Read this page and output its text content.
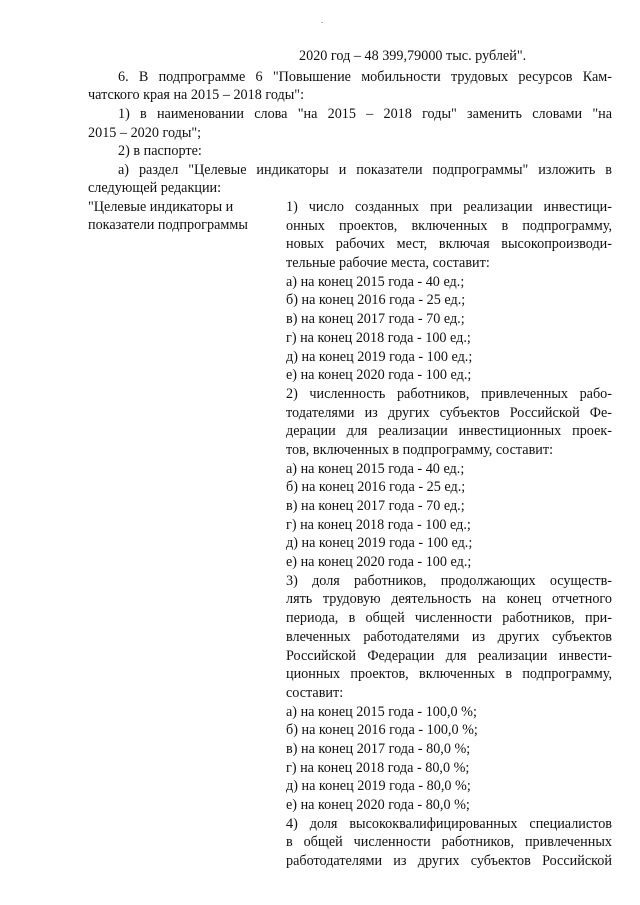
2020 год – 48 399,79000 тыс. рублей".
6. В подпрограмме 6 "Повышение мобильности трудовых ресурсов Кам-
чатского края на 2015 – 2018 годы":
1) в наименовании слова "на 2015 – 2018 годы" заменить словами "на
2015 – 2020 годы";
2) в паспорте:
а) раздел "Целевые индикаторы и показатели подпрограммы" изложить в
следующей редакции:
"Целевые индикаторы и
показатели подпрограммы
1) число созданных при реализации инвестици-
онных проектов, включенных в подпрограмму,
новых рабочих мест, включая высокопроизводи-
тельные рабочие места, составит:
а) на конец 2015 года - 40 ед.;
б) на конец 2016 года - 25 ед.;
в) на конец 2017 года - 70 ед.;
г) на конец 2018 года - 100 ед.;
д) на конец 2019 года - 100 ед.;
е) на конец 2020 года - 100 ед.;
2) численность работников, привлеченных рабо-
тодателями из других субъектов Российской Фе-
дерации для реализации инвестиционных проек-
тов, включенных в подпрограмму, составит:
а) на конец 2015 года - 40 ед.;
б) на конец 2016 года - 25 ед.;
в) на конец 2017 года - 70 ед.;
г) на конец 2018 года - 100 ед.;
д) на конец 2019 года - 100 ед.;
е) на конец 2020 года - 100 ед.;
3) доля работников, продолжающих осуществ-
лять трудовую деятельность на конец отчетного
периода, в общей численности работников, при-
влеченных работодателями из других субъектов
Российской Федерации для реализации инвести-
ционных проектов, включенных в подпрограмму,
составит:
а) на конец 2015 года - 100,0 %;
б) на конец 2016 года - 100,0 %;
в) на конец 2017 года - 80,0 %;
г) на конец 2018 года - 80,0 %;
д) на конец 2019 года - 80,0 %;
е) на конец 2020 года - 80,0 %;
4) доля высококвалифицированных специалистов
в общей численности работников, привлеченных
работодателями из других субъектов Российской
